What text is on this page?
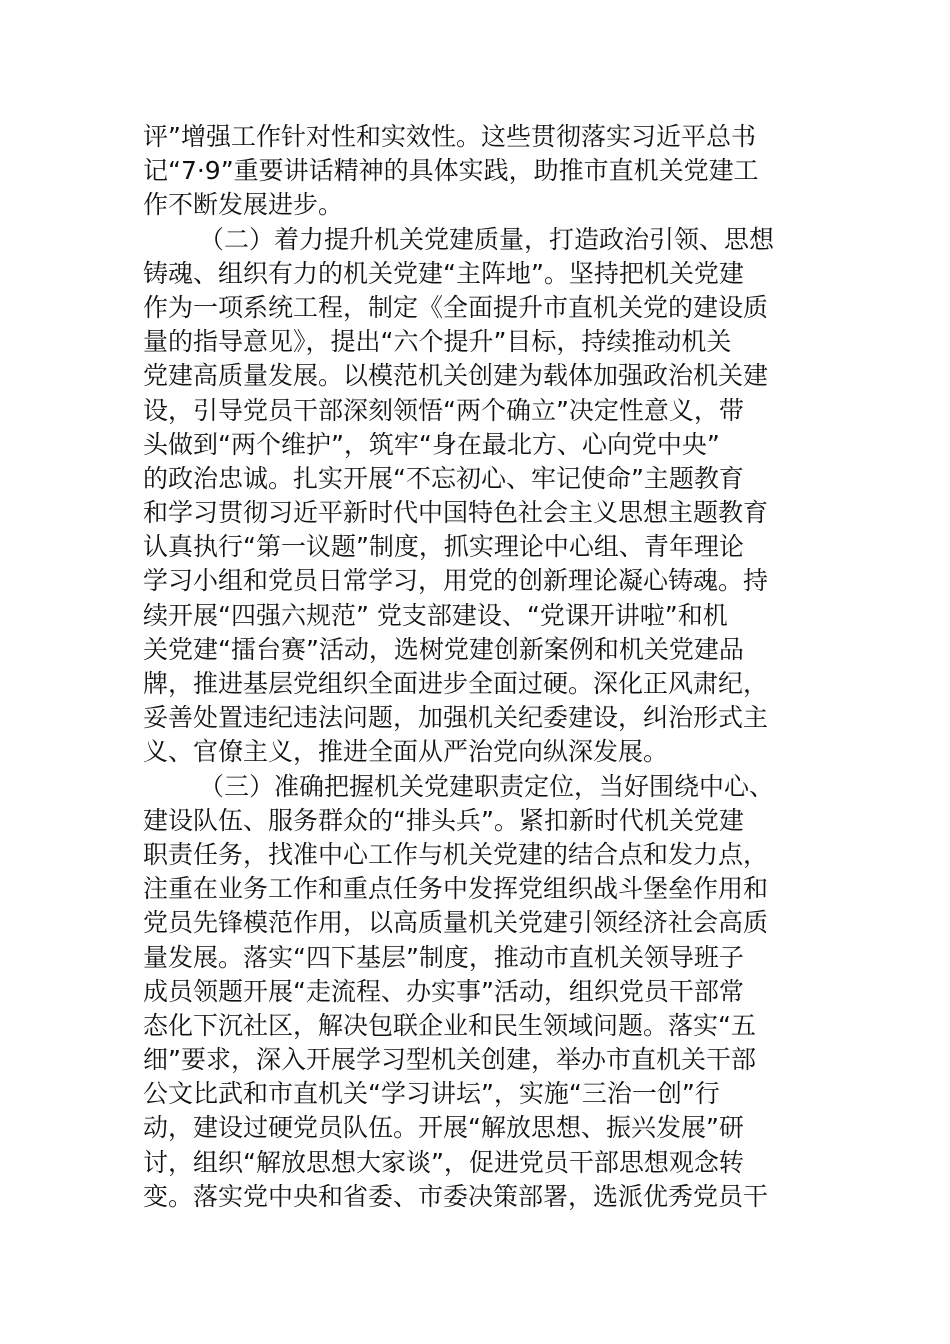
评”增强工作针对性和实效性。这些贯彻落实习近平总书
记“7·9”重要讲话精神的具体实践，助推市直机关党建工
作不断发展进步。
（二）着力提升机关党建质量，打造政治引领、思想
铸魂、组织有力的机关党建“主阵地”。坚持把机关党建
作为一项系统工程，制定《全面提升市直机关党的建设质
量的指导意见》，提出“六个提升”目标，持续推动机关
党建高质量发展。以模范机关创建为载体加强政治机关建
设，引导党员干部深刻领悟“两个确立”决定性意义，带
头做到“两个维护”，筑牢“身在最北方、心向党中央”
的政治忠诚。扎实开展“不忘初心、牢记使命”主题教育
和学习贯彻习近平新时代中国特色社会主义思想主题教育
认真执行“第一议题”制度，抓实理论中心组、青年理论
学习小组和党员日常学习，用党的创新理论凝心铸魂。持
续开展“四强六规范” 党支部建设、“党课开讲啦”和机
关党建“擂台赛”活动，选树党建创新案例和机关党建品
牌，推进基层党组织全面进步全面过硬。深化正风肃纪，
妥善处置违纪违法问题，加强机关纪委建设，纠治形式主
义、官僚主义，推进全面从严治党向纵深发展。
（三）准确把握机关党建职责定位，当好围绕中心、
建设队伍、服务群众的“排头兵”。紧扣新时代机关党建
职责任务，找准中心工作与机关党建的结合点和发力点，
注重在业务工作和重点任务中发挥党组织战斗堡垒作用和
党员先锋模范作用，以高质量机关党建引领经济社会高质
量发展。落实“四下基层”制度，推动市直机关领导班子
成员领题开展“走流程、办实事”活动，组织党员干部常
态化下沉社区，解决包联企业和民生领域问题。落实“五
细”要求，深入开展学习型机关创建，举办市直机关干部
公文比武和市直机关“学习讲坛”，实施“三治一创”行
动，建设过硬党员队伍。开展“解放思想、振兴发展”研
讨，组织“解放思想大家谈”，促进党员干部思想观念转
变。落实党中央和省委、市委决策部署，选派优秀党员干
